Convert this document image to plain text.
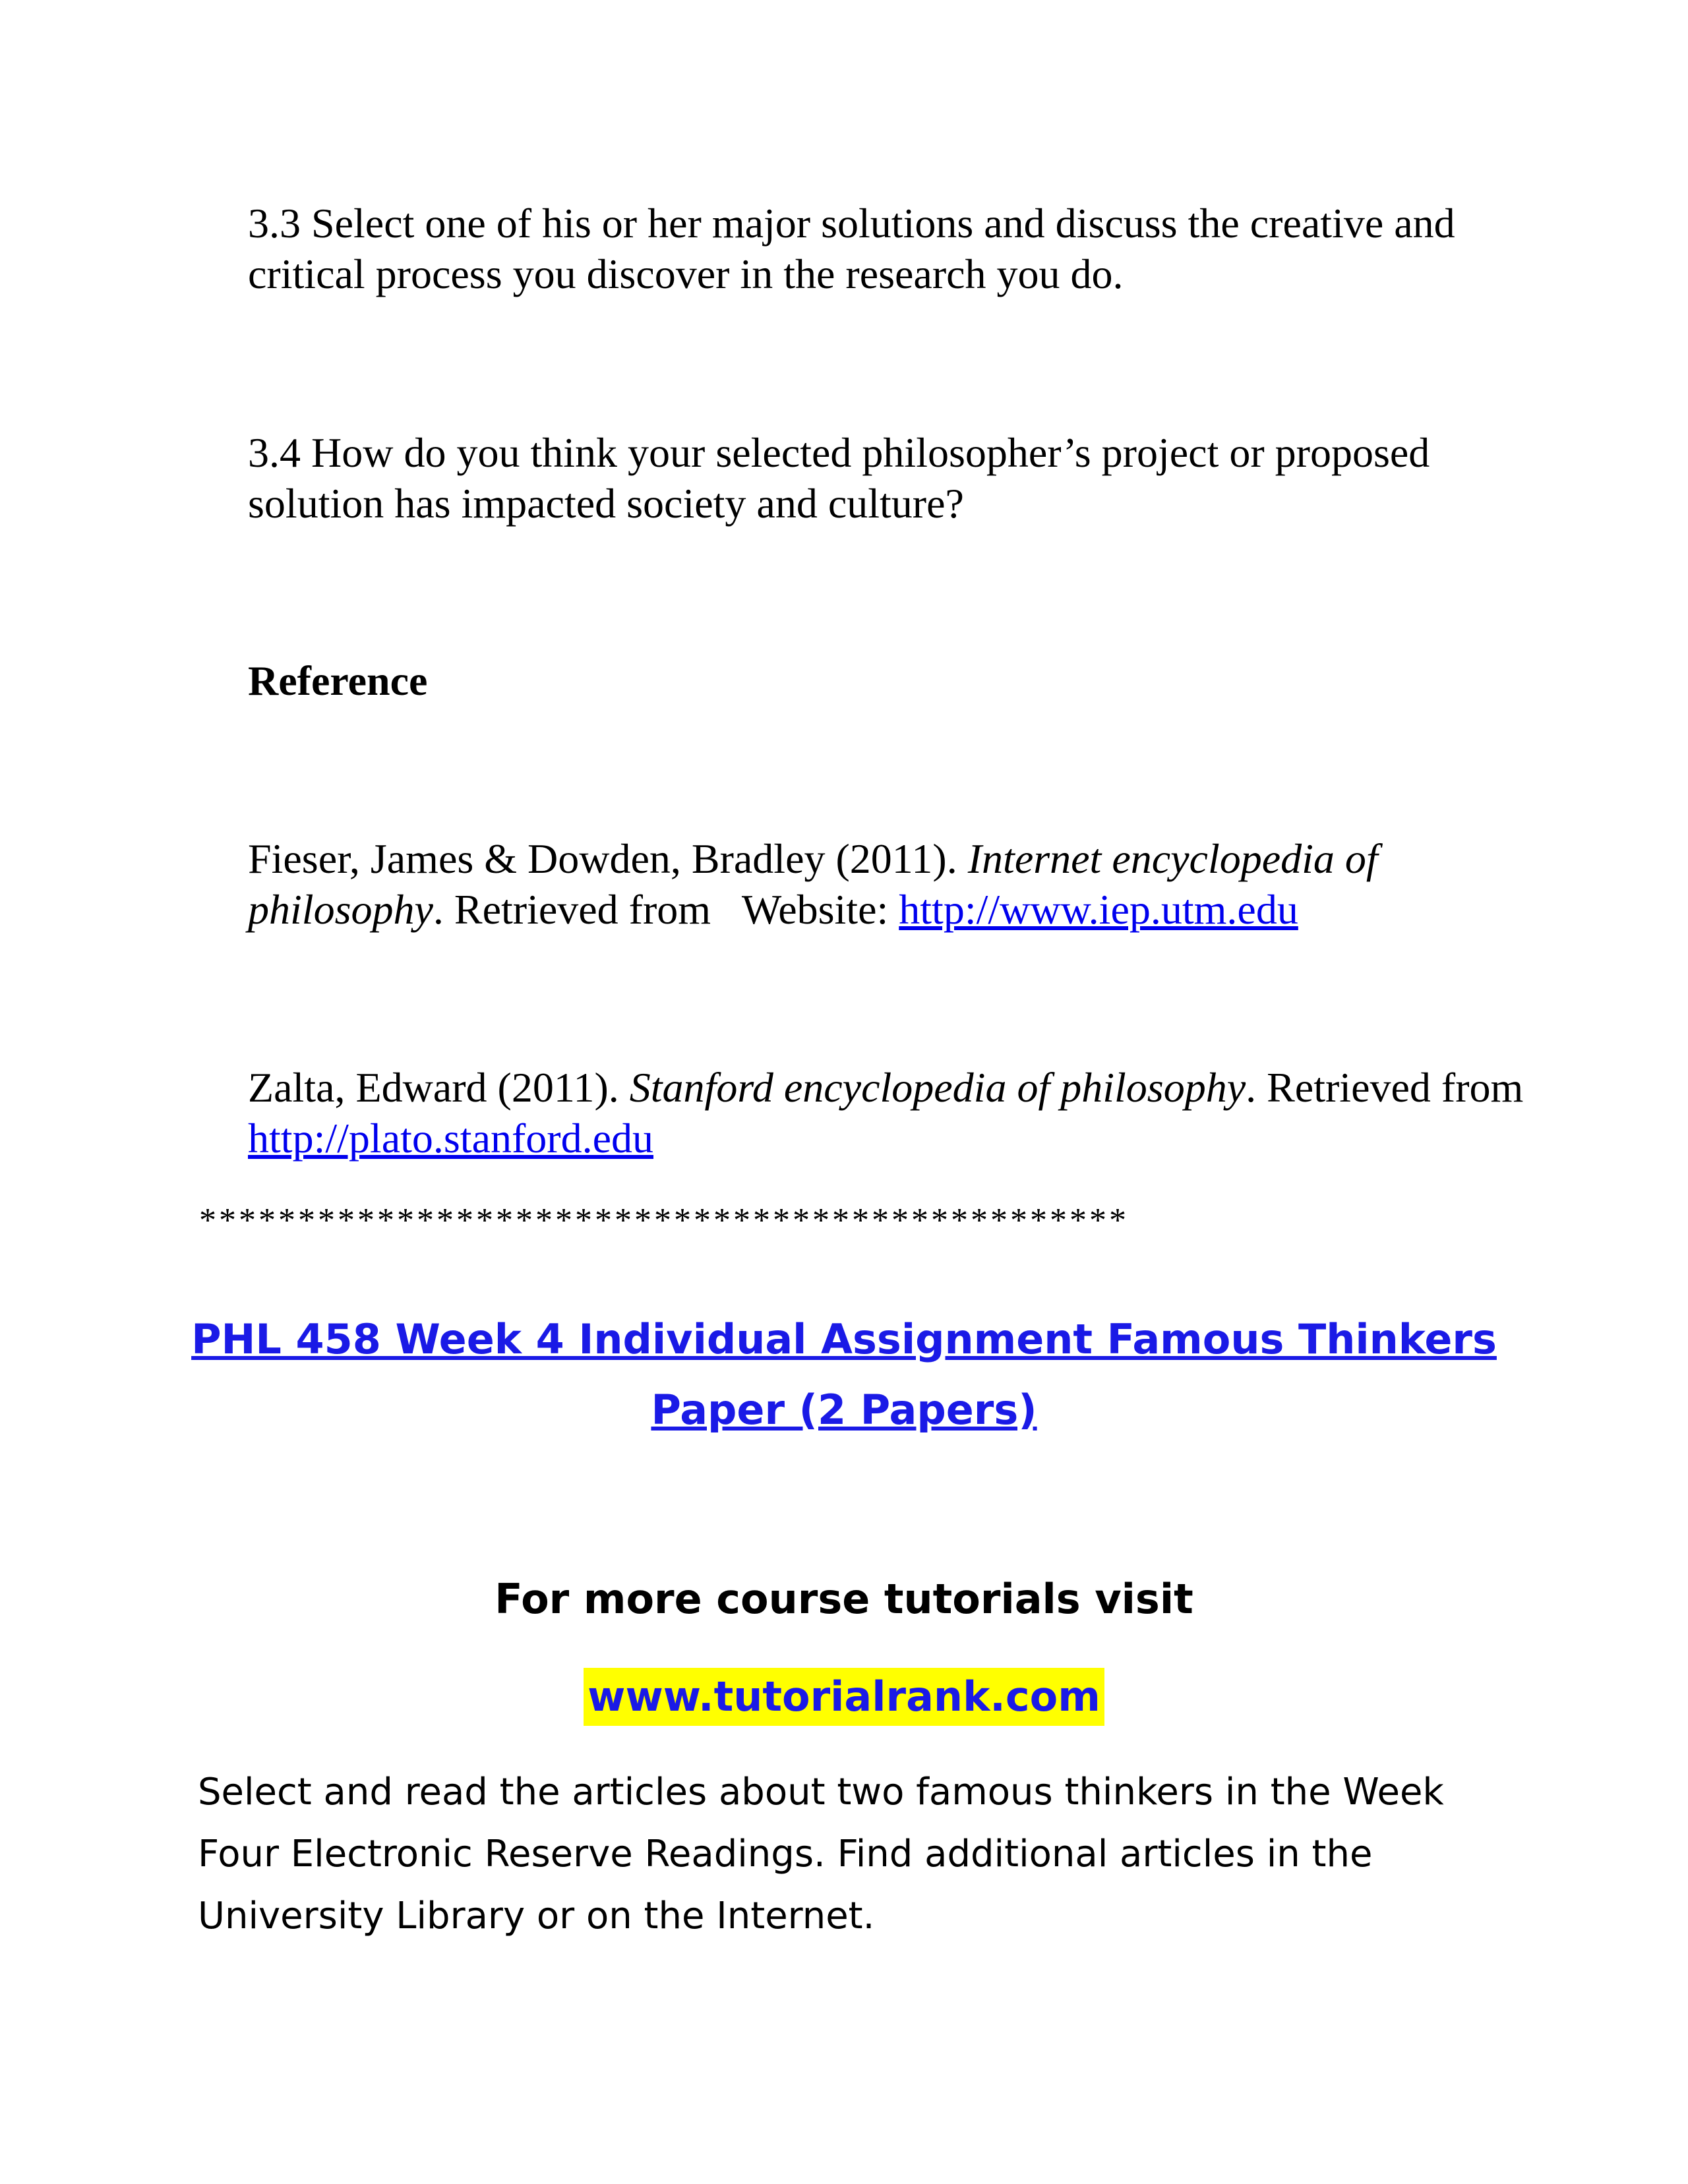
3.3 Select one of his or her major solutions and discuss the creative and critical process you discover in the research you do.

3.4 How do you think your selected philosopher’s project or proposed solution has impacted society and culture?

Reference

Fieser, James & Dowden, Bradley (2011). Internet encyclopedia of philosophy. Retrieved from   Website: http://www.iep.utm.edu

Zalta, Edward (2011). Stanford encyclopedia of philosophy. Retrieved from http://plato.stanford.edu

***********************************************
PHL 458 Week 4 Individual Assignment Famous Thinkers Paper (2 Papers)

For more course tutorials visit

www.tutorialrank.com

Select and read the articles about two famous thinkers in the Week Four Electronic Reserve Readings. Find additional articles in the University Library or on the Internet.
